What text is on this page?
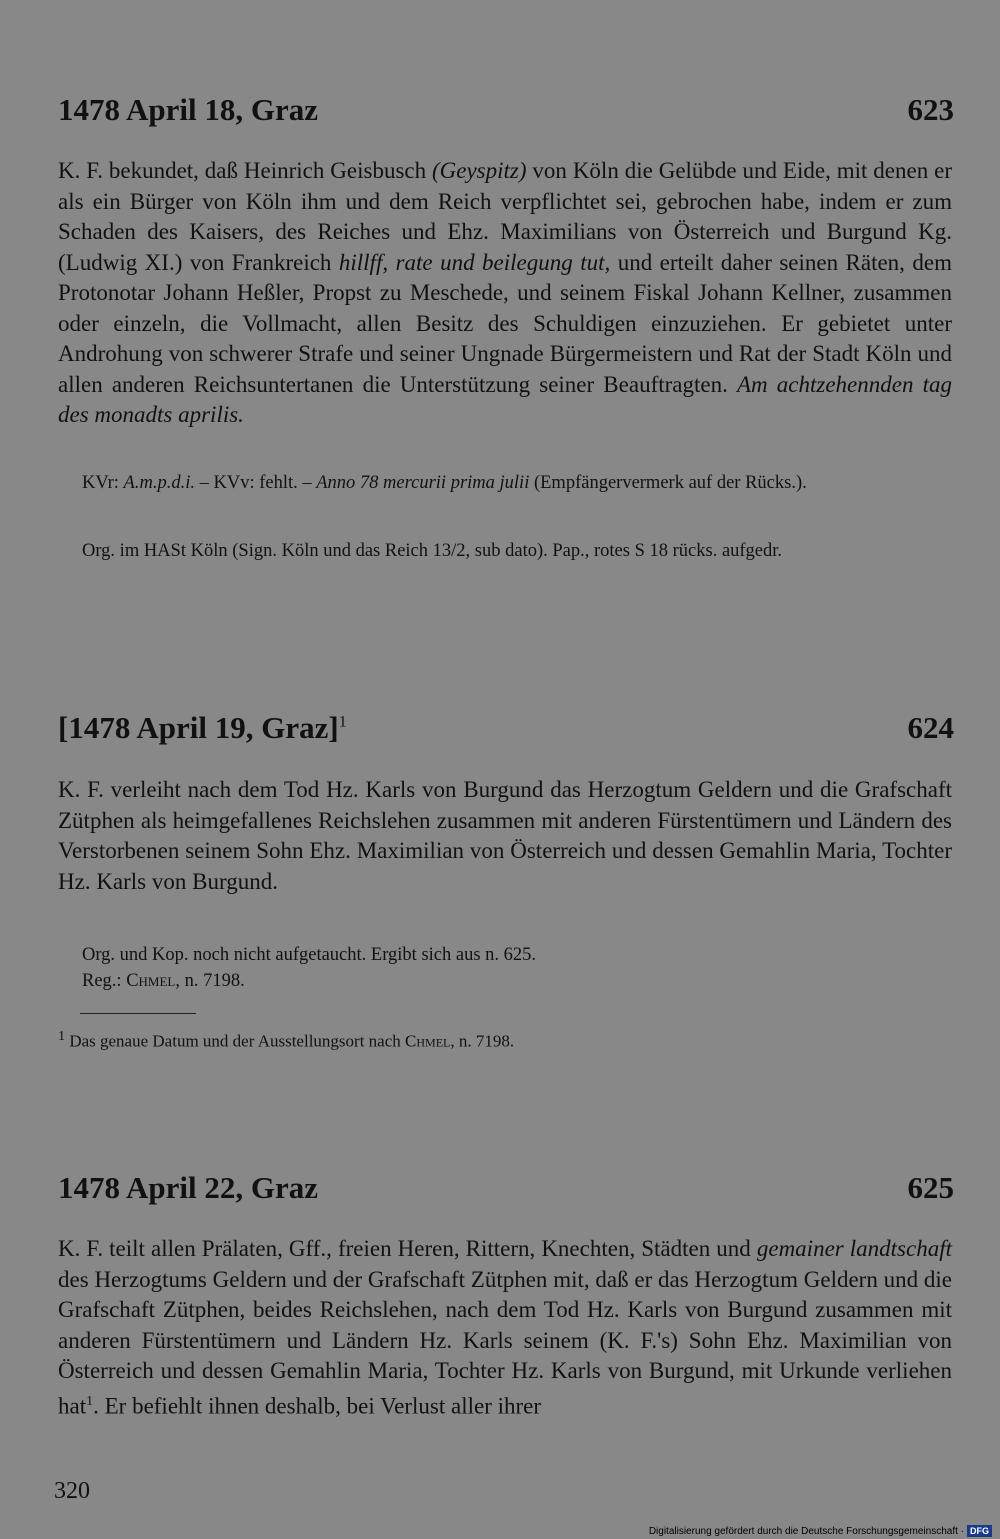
1478 April 18, Graz	623

K. F. bekundet, daß Heinrich Geisbusch (Geyspitz) von Köln die Gelübde und Eide, mit denen er als ein Bürger von Köln ihm und dem Reich verpflichtet sei, gebrochen habe, indem er zum Schaden des Kaisers, des Reiches und Ehz. Maximilians von Österreich und Burgund Kg. (Ludwig XI.) von Frankreich hillff, rate und beilegung tut, und erteilt daher seinen Räten, dem Protonotar Johann Heßler, Propst zu Meschede, und seinem Fiskal Johann Kellner, zusammen oder einzeln, die Vollmacht, allen Besitz des Schuldigen einzuziehen. Er gebietet unter Androhung von schwerer Strafe und seiner Ungnade Bürgermeistern und Rat der Stadt Köln und allen anderen Reichsuntertanen die Unterstützung seiner Beauftragten. Am achtzehennden tag des monadts aprilis.

KVr: A.m.p.d.i. – KVv: fehlt. – Anno 78 mercurii prima julii (Empfängervermerk auf der Rücks.).

Org. im HASt Köln (Sign. Köln und das Reich 13/2, sub dato). Pap., rotes S 18 rücks. aufgedr.

[1478 April 19, Graz]$^1$	624

K. F. verleiht nach dem Tod Hz. Karls von Burgund das Herzogtum Geldern und die Grafschaft Zütphen als heimgefallenes Reichslehen zusammen mit anderen Fürstentümern und Ländern des Verstorbenen seinem Sohn Ehz. Maximilian von Österreich und dessen Gemahlin Maria, Tochter Hz. Karls von Burgund.

Org. und Kop. noch nicht aufgetaucht. Ergibt sich aus n. 625.
Reg.: Chmel, n. 7198.

$^1$ Das genaue Datum und der Ausstellungsort nach Chmel, n. 7198.

1478 April 22, Graz	625

K. F. teilt allen Prälaten, Gff., freien Heren, Rittern, Knechten, Städten und gemainer landtschaft des Herzogtums Geldern und der Grafschaft Zütphen mit, daß er das Herzogtum Geldern und die Grafschaft Zütphen, beides Reichslehen, nach dem Tod Hz. Karls von Burgund zusammen mit anderen Fürstentümern und Ländern Hz. Karls seinem (K. F.'s) Sohn Ehz. Maximilian von Österreich und dessen Gemahlin Maria, Tochter Hz. Karls von Burgund, mit Urkunde verliehen hat$^1$. Er befiehlt ihnen deshalb, bei Verlust aller ihrer

320
Digitalisierung gefördert durch die Deutsche Forschungsgemeinschaft · DFG
